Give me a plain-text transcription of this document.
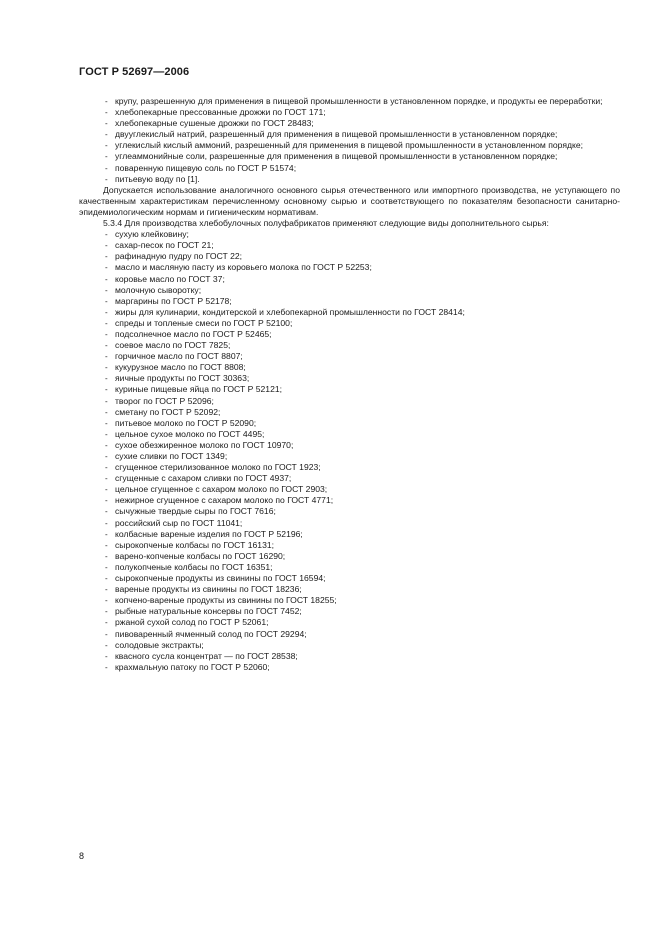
ГОСТ Р 52697—2006

- крупу, разрешенную для применения в пищевой промышленности в установленном порядке, и продукты ее переработки;

- хлебопекарные прессованные дрожжи по ГОСТ 171;

- хлебопекарные сушеные дрожжи по ГОСТ 28483;

- двууглекислый натрий, разрешенный для применения в пищевой промышленности в установленном порядке;

- углекислый кислый аммоний, разрешенный для применения в пищевой промышленности в установленном порядке;

- углеаммонийные соли, разрешенные для применения в пищевой промышленности в установленном порядке;

- поваренную пищевую соль по ГОСТ Р 51574;

- питьевую воду по [1].

Допускается использование аналогичного основного сырья отечественного или импортного производства, не уступающего по качественным характеристикам перечисленному основному сырью и соответствующего по показателям безопасности санитарно-эпидемиологическим нормам и гигиеническим нормативам.

5.3.4 Для производства хлебобулочных полуфабрикатов применяют следующие виды дополнительного сырья:

- сухую клейковину;

- сахар-песок по ГОСТ 21;

- рафинадную пудру по ГОСТ 22;

- масло и масляную пасту из коровьего молока по ГОСТ Р 52253;

- коровье масло по ГОСТ 37;

- молочную сыворотку;

- маргарины по ГОСТ Р 52178;

- жиры для кулинарии, кондитерской и хлебопекарной промышленности по ГОСТ 28414;

- спреды и топленые смеси по ГОСТ Р 52100;

- подсолнечное масло по ГОСТ Р 52465;

- соевое масло по ГОСТ 7825;

- горчичное масло по ГОСТ 8807;

- кукурузное масло по ГОСТ 8808;

- яичные продукты по ГОСТ 30363;

- куриные пищевые яйца по ГОСТ Р 52121;

- творог по ГОСТ Р 52096;

- сметану по ГОСТ Р 52092;

- питьевое молоко по ГОСТ Р 52090;

- цельное сухое молоко по ГОСТ 4495;

- сухое обезжиренное молоко по ГОСТ 10970;

- сухие сливки по ГОСТ 1349;

- сгущенное стерилизованное молоко по ГОСТ 1923;

- сгущенные с сахаром сливки по ГОСТ 4937;

- цельное сгущенное с сахаром молоко по ГОСТ 2903;

- нежирное сгущенное с сахаром молоко по ГОСТ 4771;

- сычужные твердые сыры по ГОСТ 7616;

- российский сыр по ГОСТ 11041;

- колбасные вареные изделия по ГОСТ Р 52196;

- сырокопченые колбасы по ГОСТ 16131;

- варено-копченые колбасы по ГОСТ 16290;

- полукопченые колбасы по ГОСТ 16351;

- сырокопченые продукты из свинины по ГОСТ 16594;

- вареные продукты из свинины по ГОСТ 18236;

- копчено-вареные продукты из свинины по ГОСТ 18255;

- рыбные натуральные консервы по ГОСТ 7452;

- ржаной сухой солод по ГОСТ Р 52061;

- пивоваренный ячменный солод по ГОСТ 29294;

- солодовые экстракты;

- квасного сусла концентрат — по ГОСТ 28538;

- крахмальную патоку по ГОСТ Р 52060;

8
